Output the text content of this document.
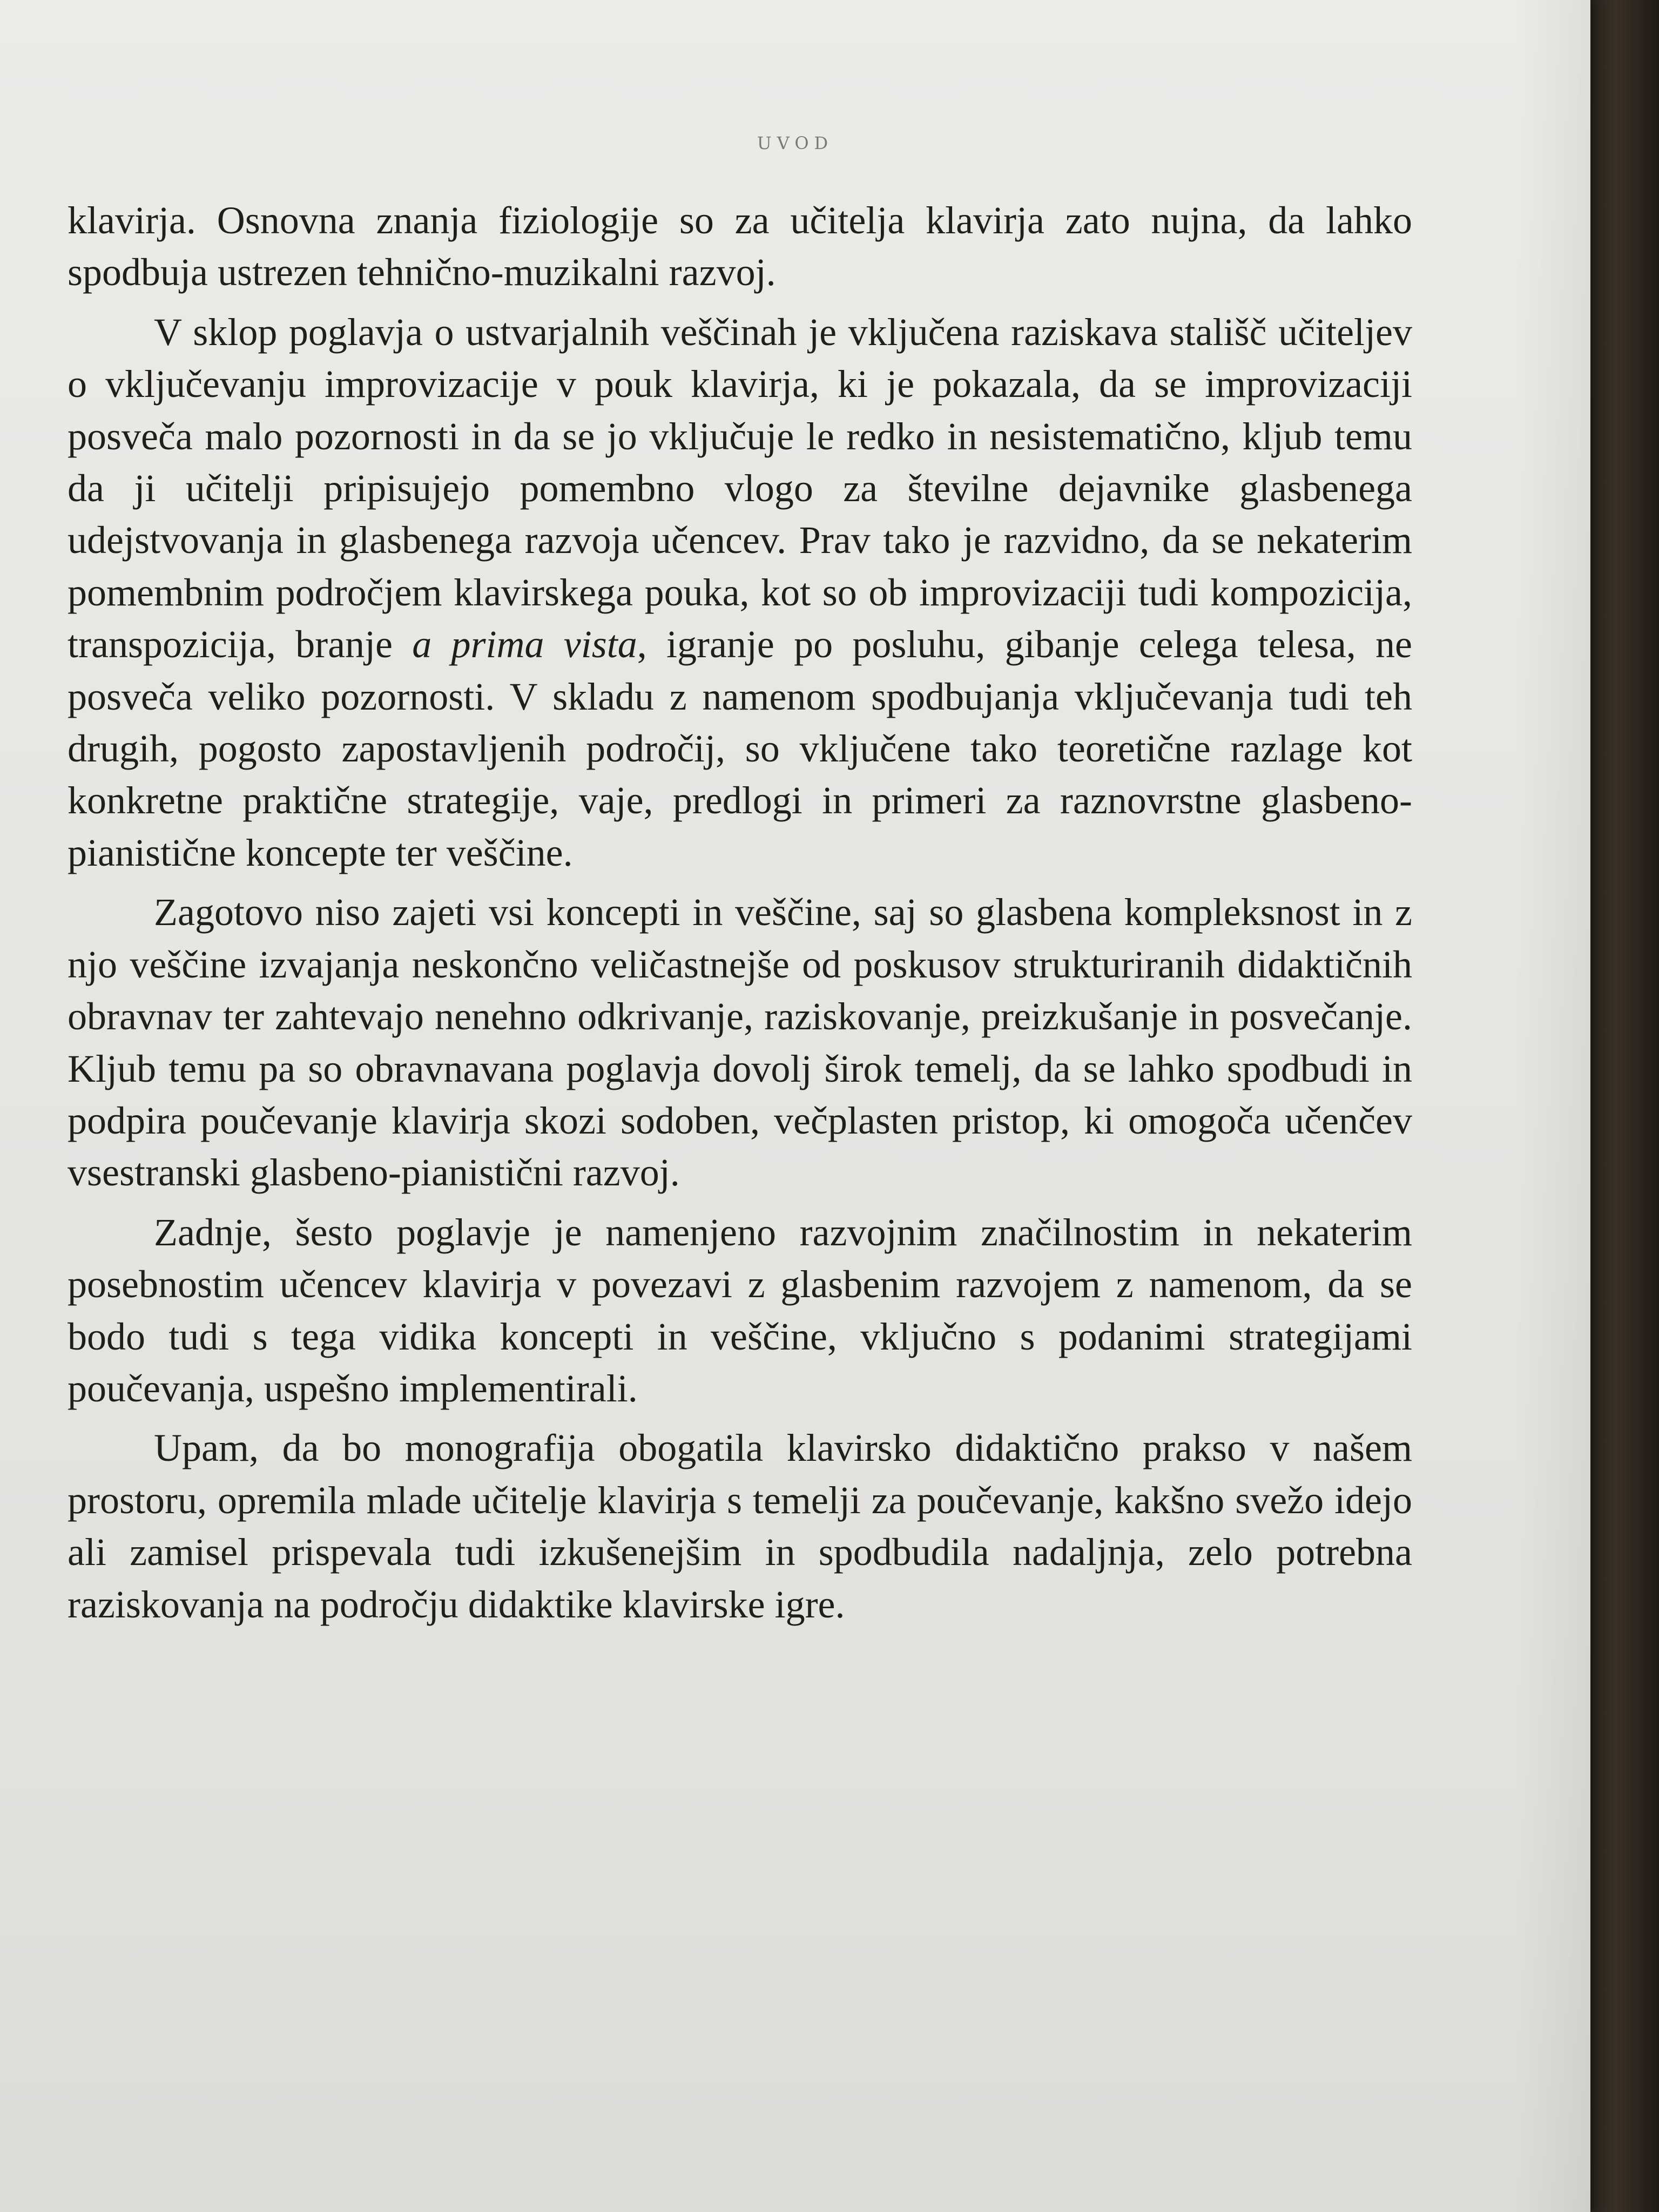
UVOD

klavirja. Osnovna znanja fiziologije so za učitelja klavirja zato nujna, da lahko spodbuja ustrezen tehnično-muzikalni razvoj.

V sklop poglavja o ustvarjalnih veščinah je vključena raziskava stališč učiteljev o vključevanju improvizacije v pouk klavirja, ki je pokazala, da se improvizaciji posveča malo pozornosti in da se jo vključuje le redko in nesistematično, kljub temu da ji učitelji pripisujejo pomembno vlogo za številne dejavnike glasbenega udejstvovanja in glasbenega razvoja učencev. Prav tako je razvidno, da se nekaterim pomembnim področjem klavirskega pouka, kot so ob improvizaciji tudi kompozicija, transpozicija, branje a prima vista, igranje po posluhu, gibanje celega telesa, ne posveča veliko pozornosti. V skladu z namenom spodbujanja vključevanja tudi teh drugih, pogosto zapostavljenih področij, so vključene tako teoretične razlage kot konkretne praktične strategije, vaje, predlogi in primeri za raznovrstne glasbeno-pianistične koncepte ter veščine.

Zagotovo niso zajeti vsi koncepti in veščine, saj so glasbena kompleksnost in z njo veščine izvajanja neskončno veličastnejše od poskusov strukturiranih didaktičnih obravnav ter zahtevajo nenehno odkrivanje, raziskovanje, preizkušanje in posvečanje. Kljub temu pa so obravnavana poglavja dovolj širok temelj, da se lahko spodbudi in podpira poučevanje klavirja skozi sodoben, večplasten pristop, ki omogoča učenčev vsestranski glasbeno-pianistični razvoj.

Zadnje, šesto poglavje je namenjeno razvojnim značilnostim in nekaterim posebnostim učencev klavirja v povezavi z glasbenim razvojem z namenom, da se bodo tudi s tega vidika koncepti in veščine, vključno s podanimi strategijami poučevanja, uspešno implementirali.

Upam, da bo monografija obogatila klavirsko didaktično prakso v našem prostoru, opremila mlade učitelje klavirja s temelji za poučevanje, kakšno svežo idejo ali zamisel prispevala tudi izkušenejšim in spodbudila nadaljnja, zelo potrebna raziskovanja na področju didaktike klavirske igre.
